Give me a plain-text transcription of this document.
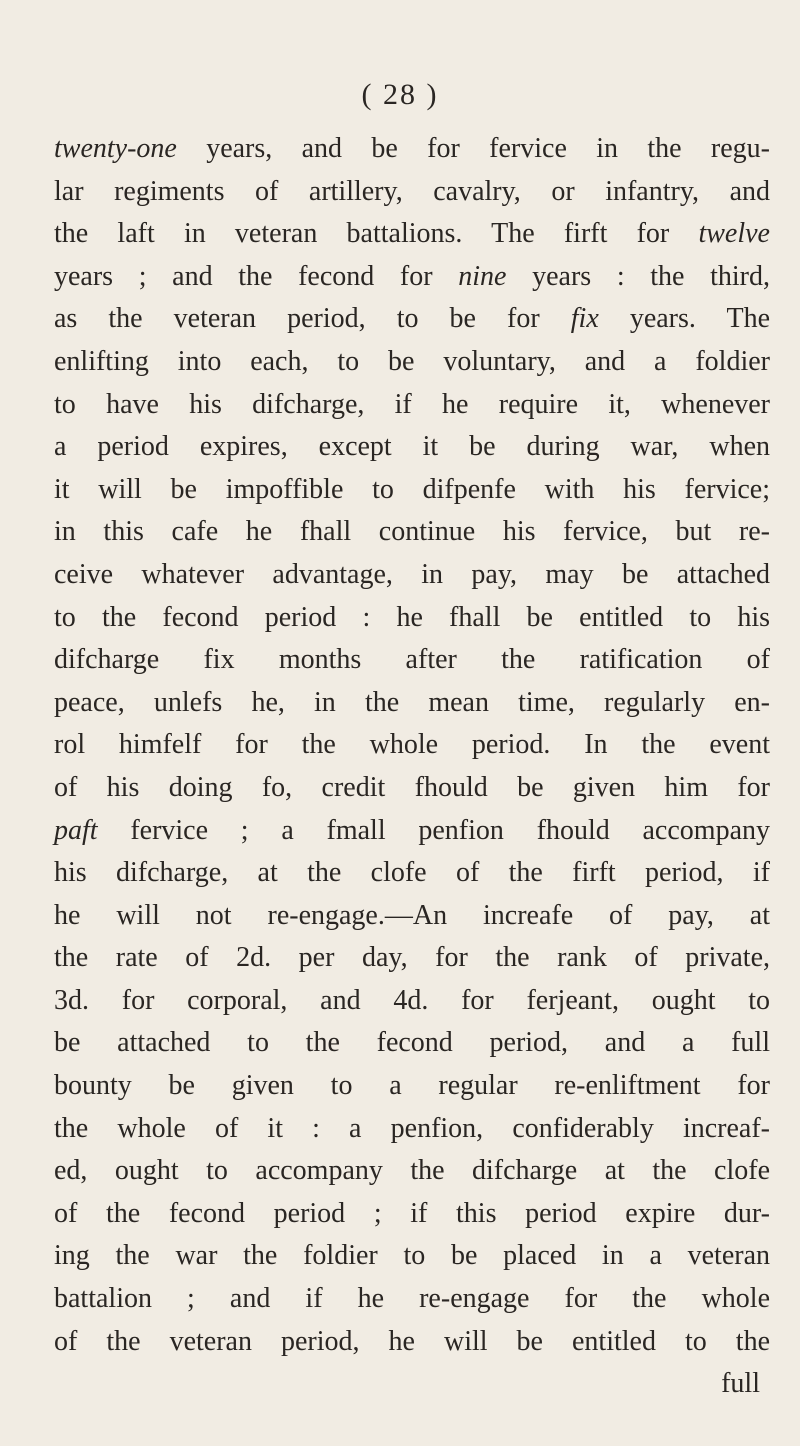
( 28 )
twenty-one years, and be for fervice in the regu-
lar regiments of artillery, cavalry, or infantry, and
the laft in veteran battalions. The firft for twelve
years ; and the fecond for nine years : the third,
as the veteran period, to be for fix years. The
enlifting into each, to be voluntary, and a foldier
to have his difcharge, if he require it, whenever
a period expires, except it be during war, when
it will be impoffible to difpenfe with his fervice;
in this cafe he fhall continue his fervice, but re-
ceive whatever advantage, in pay, may be attached
to the fecond period : he fhall be entitled to his
difcharge fix months after the ratification of
peace, unlefs he, in the mean time, regularly en-
rol himfelf for the whole period. In the event
of his doing fo, credit fhould be given him for
paft fervice ; a fmall penfion fhould accompany
his difcharge, at the clofe of the firft period, if
he will not re-engage.—An increafe of pay, at
the rate of 2d. per day, for the rank of private,
3d. for corporal, and 4d. for ferjeant, ought to
be attached to the fecond period, and a full
bounty be given to a regular re-enliftment for
the whole of it : a penfion, confiderably increaf-
ed, ought to accompany the difcharge at the clofe
of the fecond period ; if this period expire dur-
ing the war the foldier to be placed in a veteran
battalion ; and if he re-engage for the whole
of the veteran period, he will be entitled to the
full
